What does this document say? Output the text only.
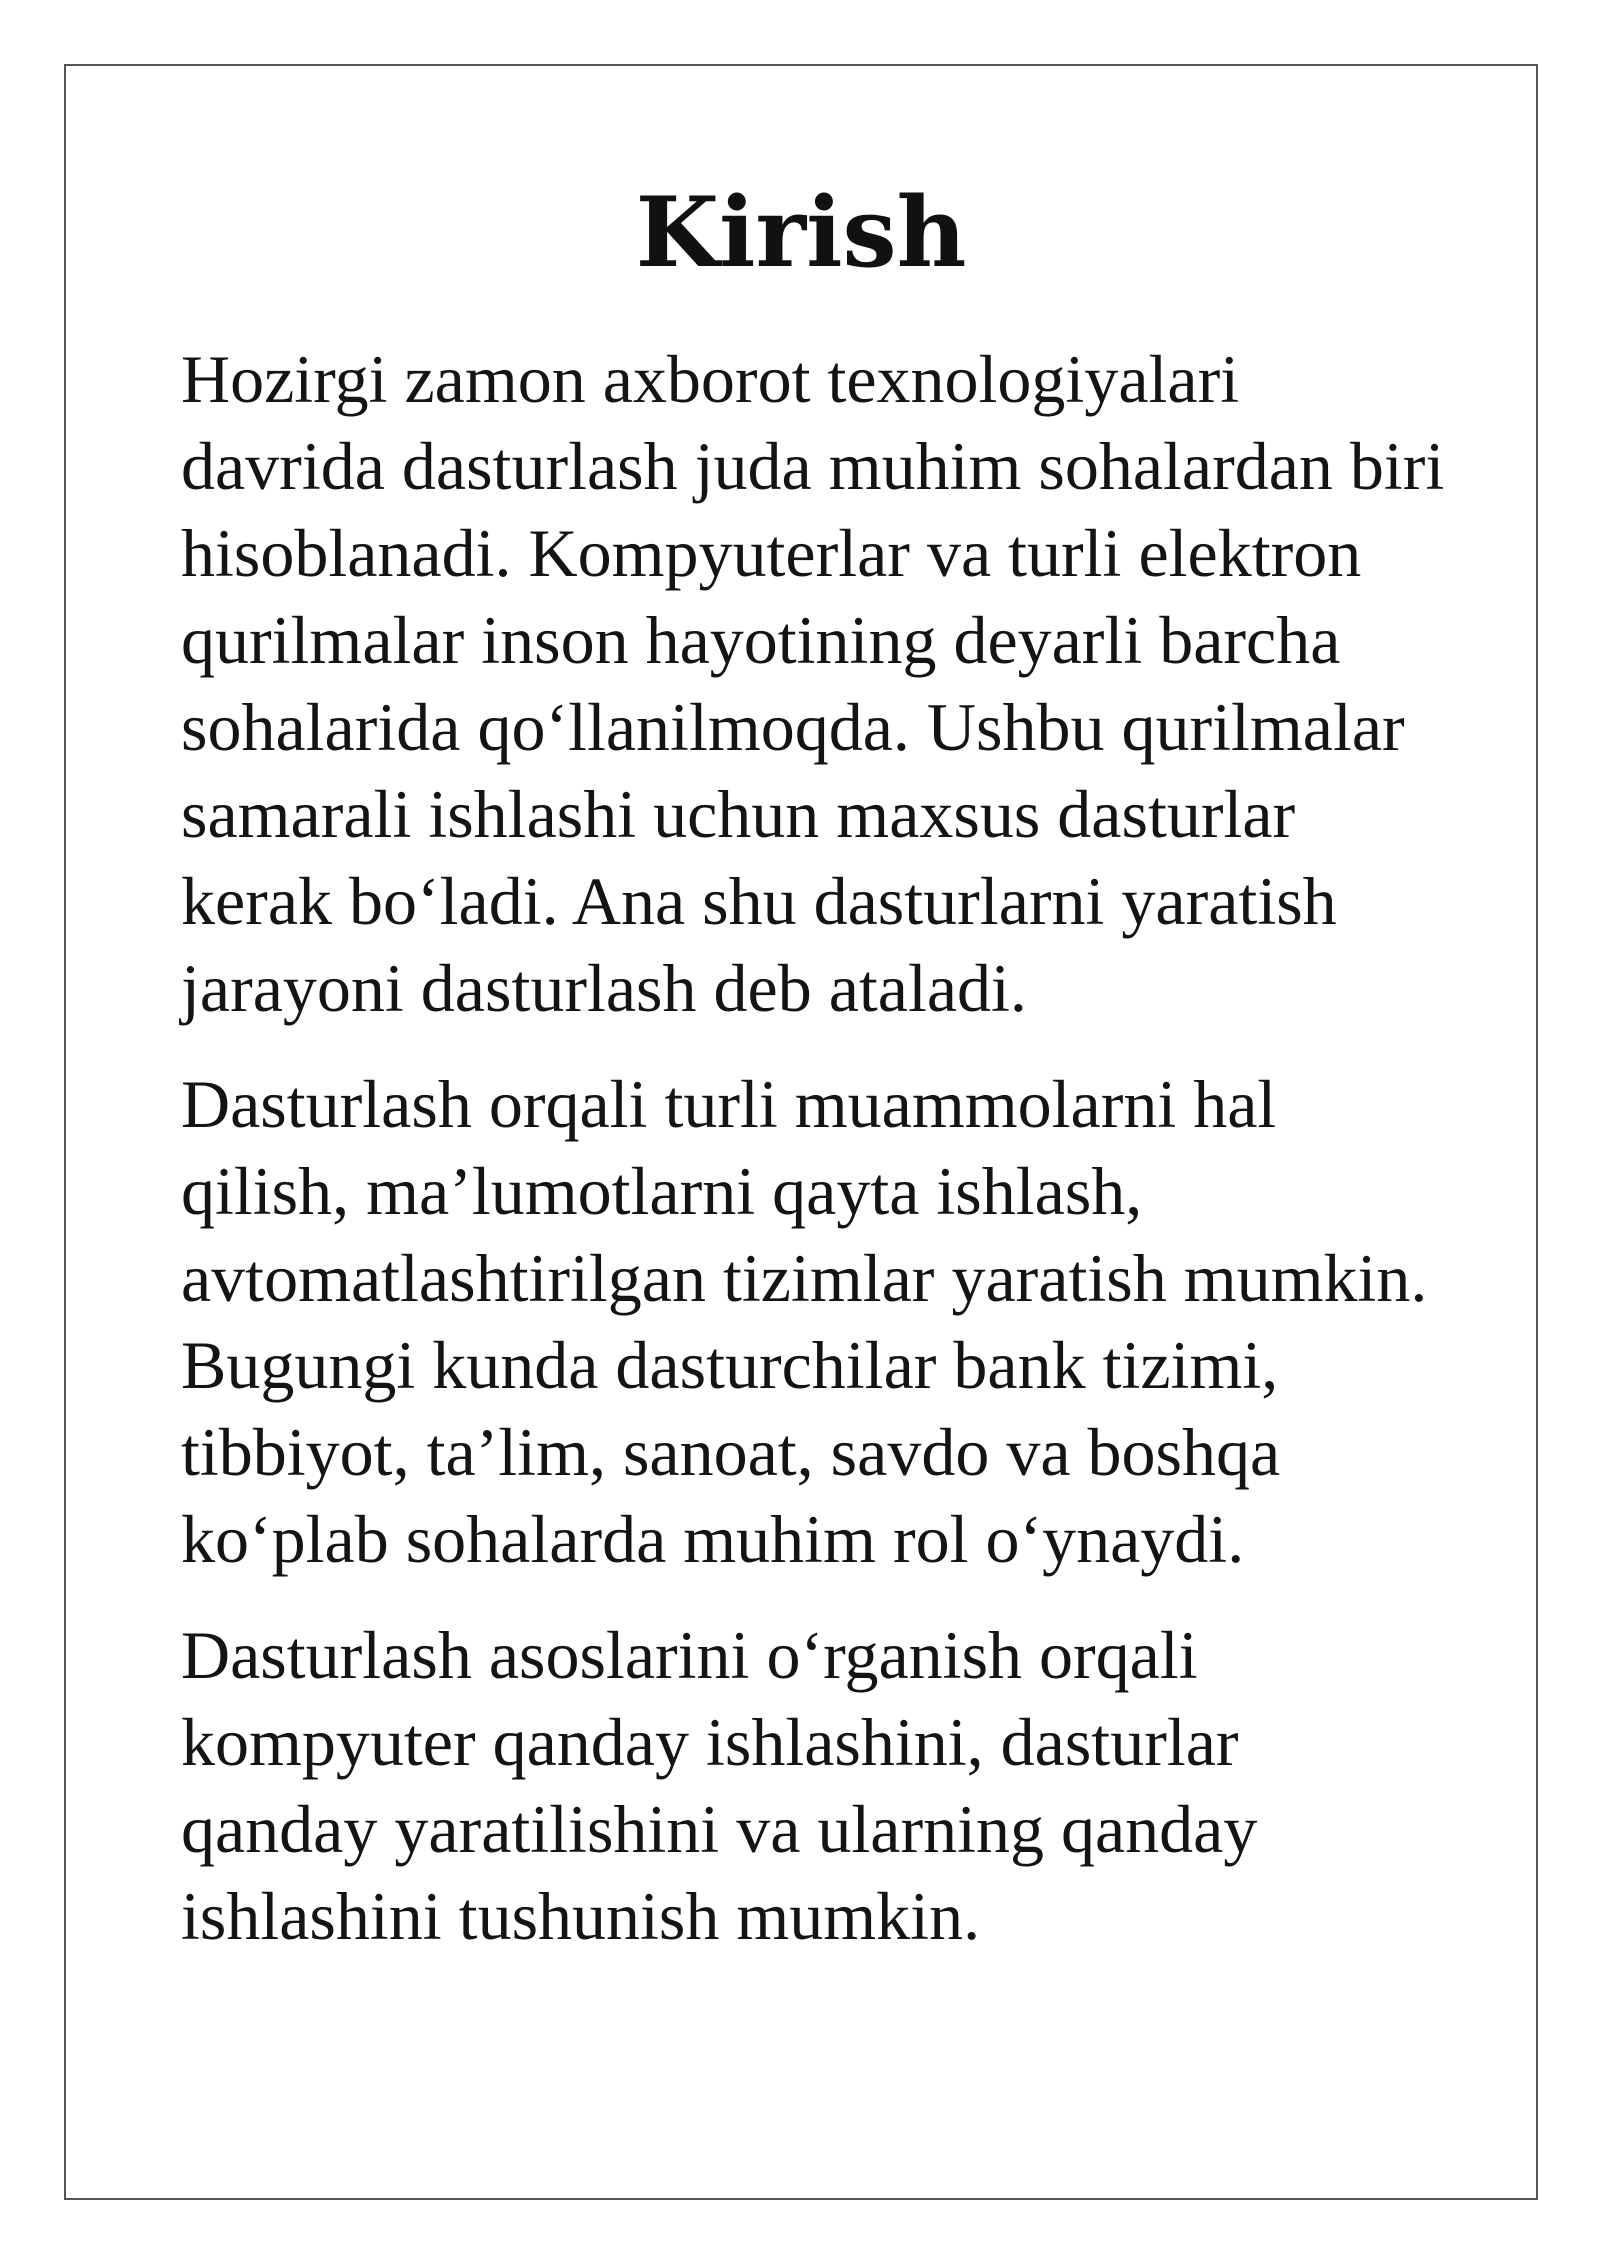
Kirish

Hozirgi zamon axborot texnologiyalari
davrida dasturlash juda muhim sohalardan biri
hisoblanadi. Kompyuterlar va turli elektron
qurilmalar inson hayotining deyarli barcha
sohalarida qo‘llanilmoqda. Ushbu qurilmalar
samarali ishlashi uchun maxsus dasturlar
kerak bo‘ladi. Ana shu dasturlarni yaratish
jarayoni dasturlash deb ataladi.

Dasturlash orqali turli muammolarni hal
qilish, ma’lumotlarni qayta ishlash,
avtomatlashtirilgan tizimlar yaratish mumkin.
Bugungi kunda dasturchilar bank tizimi,
tibbiyot, ta’lim, sanoat, savdo va boshqa
ko‘plab sohalarda muhim rol o‘ynaydi.

Dasturlash asoslarini o‘rganish orqali
kompyuter qanday ishlashini, dasturlar
qanday yaratilishini va ularning qanday
ishlashini tushunish mumkin.
